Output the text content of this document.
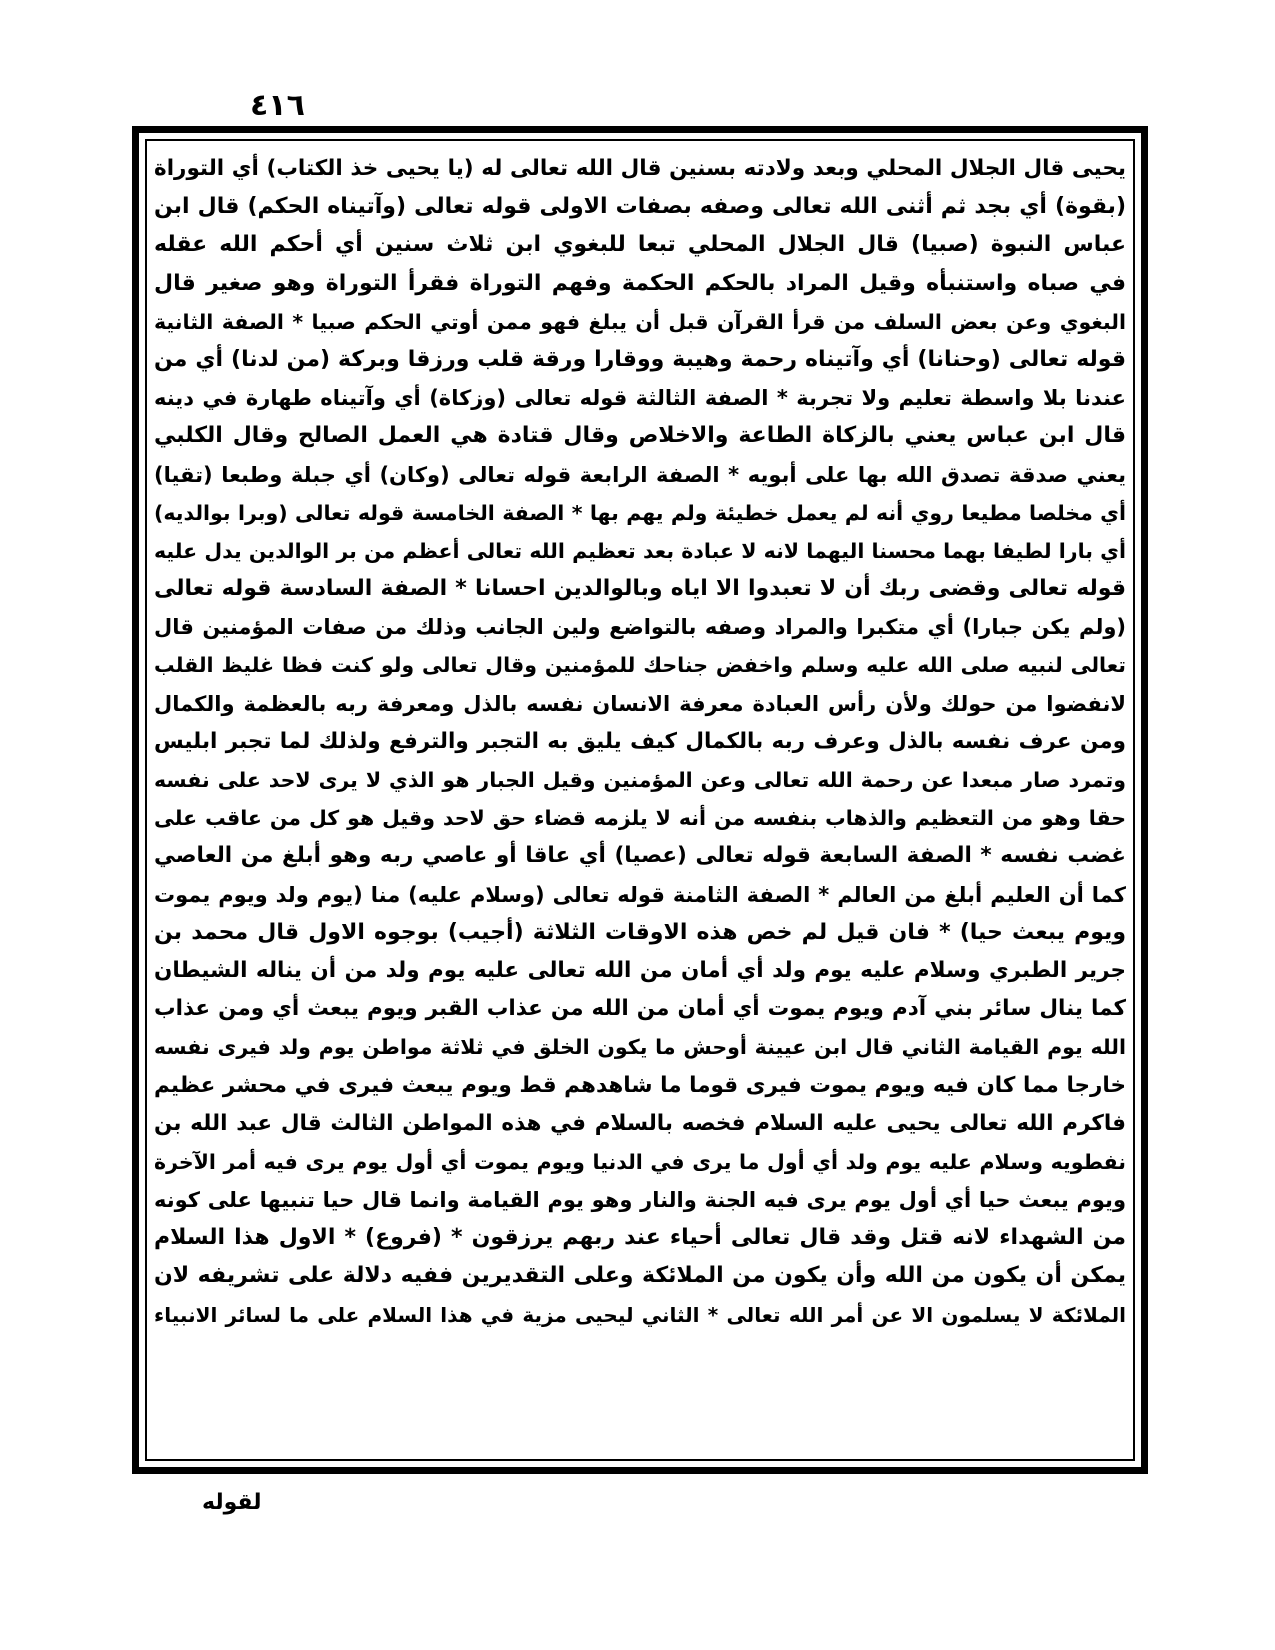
٤١٦
يحيى قال الجلال المحلي وبعد ولادته بسنين قال الله تعالى له (يا يحيى خذ الكتاب) أي التوراة
(بقوة) أي بجد ثم أثنى الله تعالى وصفه بصفات الاولى قوله تعالى (وآتيناه الحكم) قال ابن
عباس النبوة (صبيا) قال الجلال المحلي تبعا للبغوي ابن ثلاث سنين أي أحكم الله عقله
في صباه واستنبأه وقيل المراد بالحكم الحكمة وفهم التوراة فقرأ التوراة وهو صغير قال
البغوي وعن بعض السلف من قرأ القرآن قبل أن يبلغ فهو ممن أوتي الحكم صبيا * الصفة الثانية
قوله تعالى (وحنانا) أي وآتيناه رحمة وهيبة ووقارا ورقة قلب ورزقا وبركة (من لدنا) أي من
عندنا بلا واسطة تعليم ولا تجربة * الصفة الثالثة قوله تعالى (وزكاة) أي وآتيناه طهارة في دينه
قال ابن عباس يعني بالزكاة الطاعة والاخلاص وقال قتادة هي العمل الصالح وقال الكلبي
يعني صدقة تصدق الله بها على أبويه * الصفة الرابعة قوله تعالى (وكان) أي جبلة وطبعا (تقيا)
أي مخلصا مطيعا روي أنه لم يعمل خطيئة ولم يهم بها * الصفة الخامسة قوله تعالى (وبرا بوالديه)
أي بارا لطيفا بهما محسنا اليهما لانه لا عبادة بعد تعظيم الله تعالى أعظم من بر الوالدين يدل عليه
قوله تعالى وقضى ربك أن لا تعبدوا الا اياه وبالوالدين احسانا * الصفة السادسة قوله تعالى
(ولم يكن جبارا) أي متكبرا والمراد وصفه بالتواضع ولين الجانب وذلك من صفات المؤمنين قال
تعالى لنبيه صلى الله عليه وسلم واخفض جناحك للمؤمنين وقال تعالى ولو كنت فظا غليظ القلب
لانفضوا من حولك ولأن رأس العبادة معرفة الانسان نفسه بالذل ومعرفة ربه بالعظمة والكمال
ومن عرف نفسه بالذل وعرف ربه بالكمال كيف يليق به التجبر والترفع ولذلك لما تجبر ابليس
وتمرد صار مبعدا عن رحمة الله تعالى وعن المؤمنين وقيل الجبار هو الذي لا يرى لاحد على نفسه
حقا وهو من التعظيم والذهاب بنفسه من أنه لا يلزمه قضاء حق لاحد وقيل هو كل من عاقب على
غضب نفسه * الصفة السابعة قوله تعالى (عصيا) أي عاقا أو عاصي ربه وهو أبلغ من العاصي
كما أن العليم أبلغ من العالم * الصفة الثامنة قوله تعالى (وسلام عليه) منا (يوم ولد ويوم يموت
ويوم يبعث حيا) * فان قيل لم خص هذه الاوقات الثلاثة (أجيب) بوجوه الاول قال محمد بن
جرير الطبري وسلام عليه يوم ولد أي أمان من الله تعالى عليه يوم ولد من أن يناله الشيطان
كما ينال سائر بني آدم ويوم يموت أي أمان من الله من عذاب القبر ويوم يبعث أي ومن عذاب
الله يوم القيامة الثاني قال ابن عيينة أوحش ما يكون الخلق في ثلاثة مواطن يوم ولد فيرى نفسه
خارجا مما كان فيه ويوم يموت فيرى قوما ما شاهدهم قط ويوم يبعث فيرى في محشر عظيم
فاكرم الله تعالى يحيى عليه السلام فخصه بالسلام في هذه المواطن الثالث قال عبد الله بن
نفطويه وسلام عليه يوم ولد أي أول ما يرى في الدنيا ويوم يموت أي أول يوم يرى فيه أمر الآخرة
ويوم يبعث حيا أي أول يوم يرى فيه الجنة والنار وهو يوم القيامة وانما قال حيا تنبيها على كونه
من الشهداء لانه قتل وقد قال تعالى أحياء عند ربهم يرزقون * (فروع) * الاول هذا السلام
يمكن أن يكون من الله وأن يكون من الملائكة وعلى التقديرين ففيه دلالة على تشريفه لان
الملائكة لا يسلمون الا عن أمر الله تعالى * الثاني ليحيى مزية في هذا السلام على ما لسائر الانبياء
لقوله
